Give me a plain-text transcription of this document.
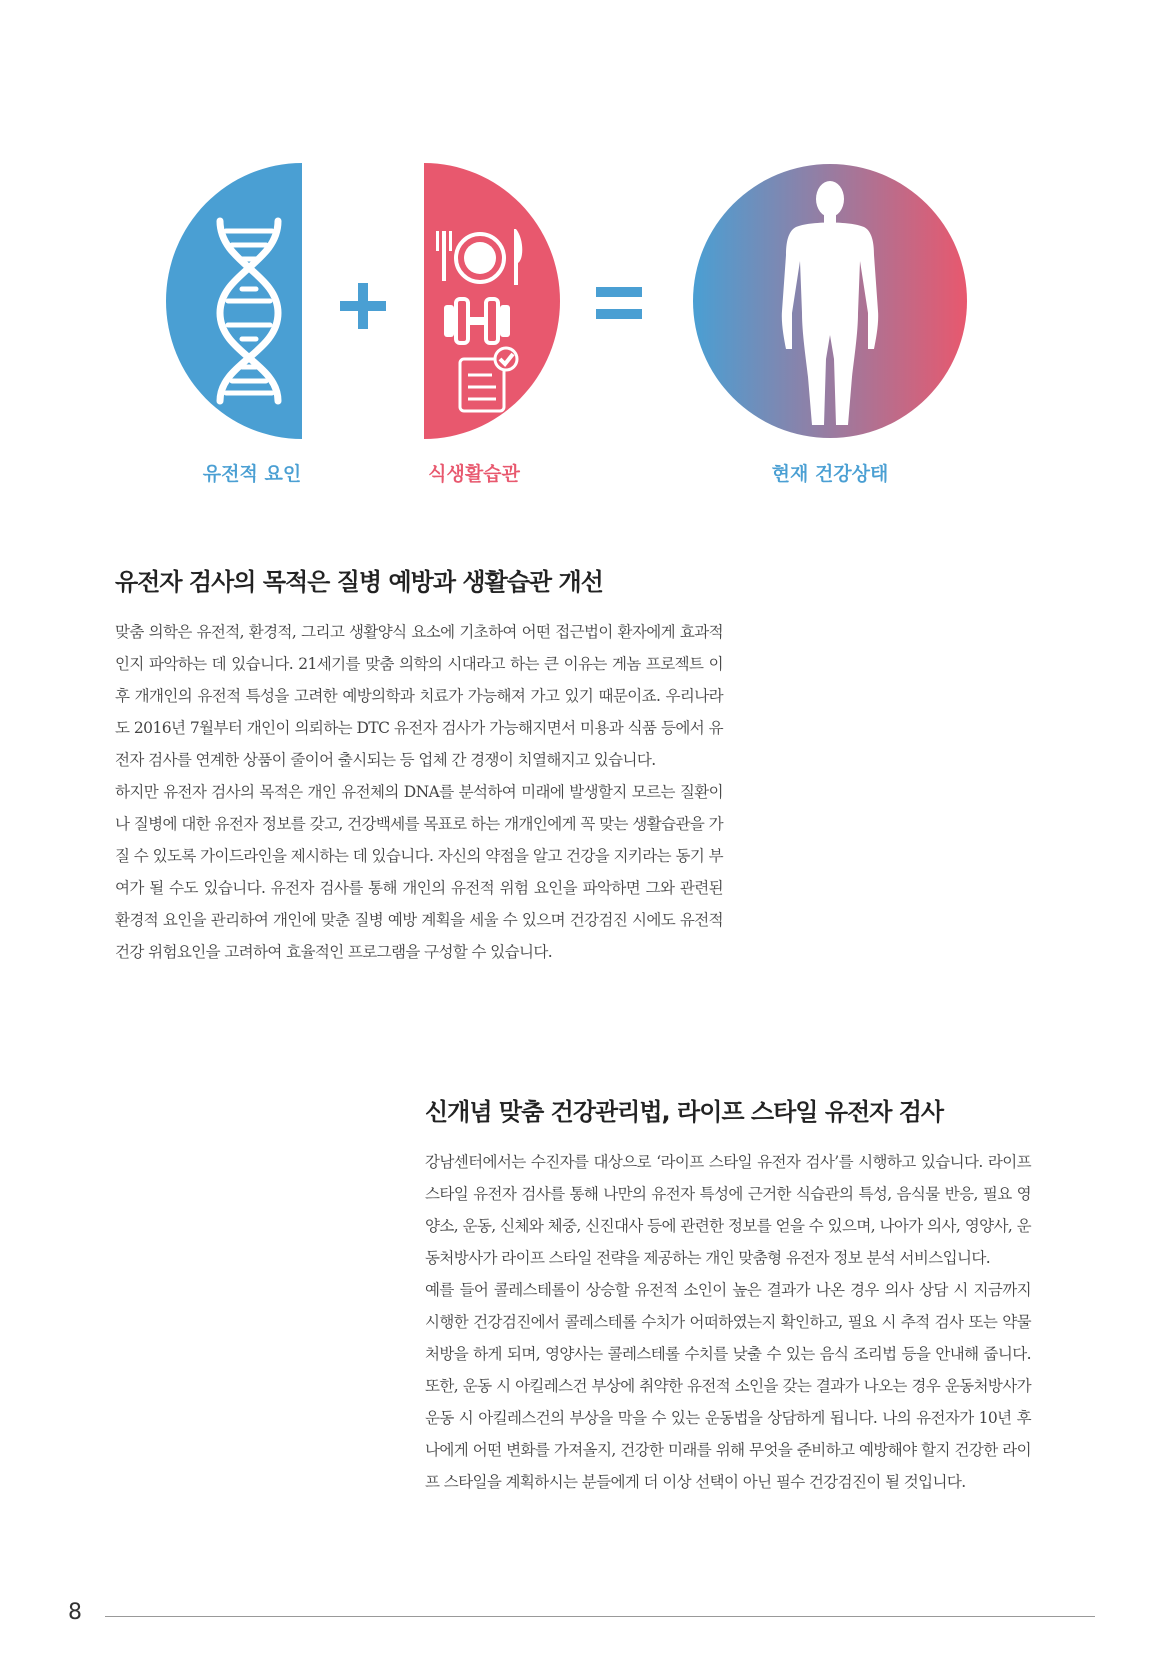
유전적 요인	식생활습관	현재 건강상태
유전자 검사의 목적은 질병 예방과 생활습관 개선

맞춤 의학은 유전적, 환경적, 그리고 생활양식 요소에 기초하여 어떤 접근법이 환자에게 효과적인지 파악하는 데 있습니다. 21세기를 맞춤 의학의 시대라고 하는 큰 이유는 게놈 프로젝트 이후 개개인의 유전적 특성을 고려한 예방의학과 치료가 가능해져 가고 있기 때문이죠. 우리나라도 2016년 7월부터 개인이 의뢰하는 DTC 유전자 검사가 가능해지면서 미용과 식품 등에서 유전자 검사를 연계한 상품이 줄이어 출시되는 등 업체 간 경쟁이 치열해지고 있습니다.

하지만 유전자 검사의 목적은 개인 유전체의 DNA를 분석하여 미래에 발생할지 모르는 질환이나 질병에 대한 유전자 정보를 갖고, 건강백세를 목표로 하는 개개인에게 꼭 맞는 생활습관을 가질 수 있도록 가이드라인을 제시하는 데 있습니다. 자신의 약점을 알고 건강을 지키라는 동기 부여가 될 수도 있습니다. 유전자 검사를 통해 개인의 유전적 위험 요인을 파악하면 그와 관련된 환경적 요인을 관리하여 개인에 맞춘 질병 예방 계획을 세울 수 있으며 건강검진 시에도 유전적 건강 위험요인을 고려하여 효율적인 프로그램을 구성할 수 있습니다.

신개념 맞춤 건강관리법, 라이프 스타일 유전자 검사

강남센터에서는 수진자를 대상으로 ‘라이프 스타일 유전자 검사’를 시행하고 있습니다. 라이프 스타일 유전자 검사를 통해 나만의 유전자 특성에 근거한 식습관의 특성, 음식물 반응, 필요 영양소, 운동, 신체와 체중, 신진대사 등에 관련한 정보를 얻을 수 있으며, 나아가 의사, 영양사, 운동처방사가 라이프 스타일 전략을 제공하는 개인 맞춤형 유전자 정보 분석 서비스입니다.

예를 들어 콜레스테롤이 상승할 유전적 소인이 높은 결과가 나온 경우 의사 상담 시 지금까지 시행한 건강검진에서 콜레스테롤 수치가 어떠하였는지 확인하고, 필요 시 추적 검사 또는 약물 처방을 하게 되며, 영양사는 콜레스테롤 수치를 낮출 수 있는 음식 조리법 등을 안내해 줍니다. 또한, 운동 시 아킬레스건 부상에 취약한 유전적 소인을 갖는 결과가 나오는 경우 운동처방사가 운동 시 아킬레스건의 부상을 막을 수 있는 운동법을 상담하게 됩니다. 나의 유전자가 10년 후 나에게 어떤 변화를 가져올지, 건강한 미래를 위해 무엇을 준비하고 예방해야 할지 건강한 라이프 스타일을 계획하시는 분들에게 더 이상 선택이 아닌 필수 건강검진이 될 것입니다.

8
